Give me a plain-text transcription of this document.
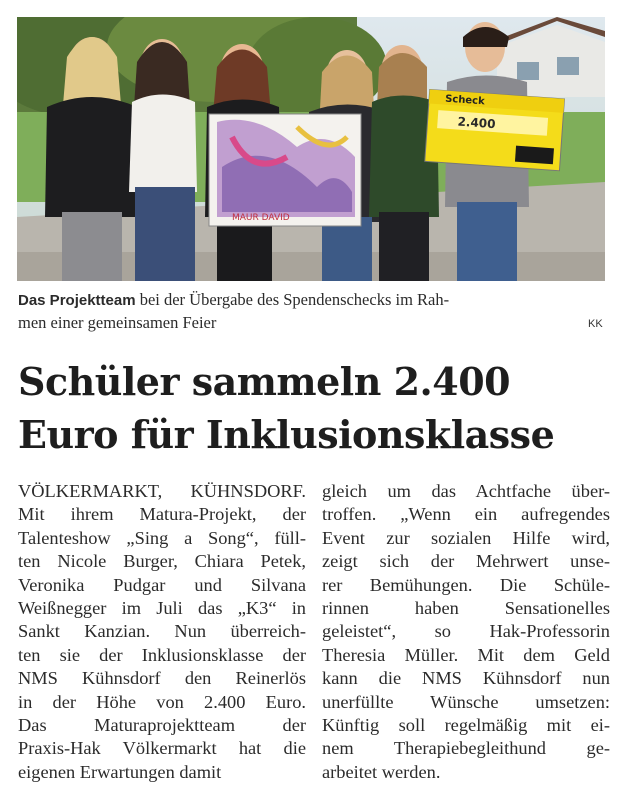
MAUR DAVID
Scheck
2.400
Das Projektteam bei der Übergabe des Spendenschecks im Rah-
men einer gemeinsamen Feier	KK
Schüler sammeln 2.400
Euro für Inklusionsklasse
VÖLKERMARKT, KÜHNSDORF.
Mit ihrem Matura-Projekt, der
Talenteshow „Sing a Song“, füll-
ten Nicole Burger, Chiara Petek,
Veronika Pudgar und Silvana
Weißnegger im Juli das „K3“ in
Sankt Kanzian. Nun überreich-
ten sie der Inklusionsklasse der
NMS Kühnsdorf den Reinerlös
in der Höhe von 2.400 Euro.
Das Maturaprojektteam der
Praxis-Hak Völkermarkt hat die
eigenen Erwartungen damit
gleich um das Achtfache über-
troffen. „Wenn ein aufregendes
Event zur sozialen Hilfe wird,
zeigt sich der Mehrwert unse-
rer Bemühungen. Die Schüle-
rinnen haben Sensationelles
geleistet“, so Hak-Professorin
Theresia Müller. Mit dem Geld
kann die NMS Kühnsdorf nun
unerfüllte Wünsche umsetzen:
Künftig soll regelmäßig mit ei-
nem Therapiebegleithund ge-
arbeitet werden.
